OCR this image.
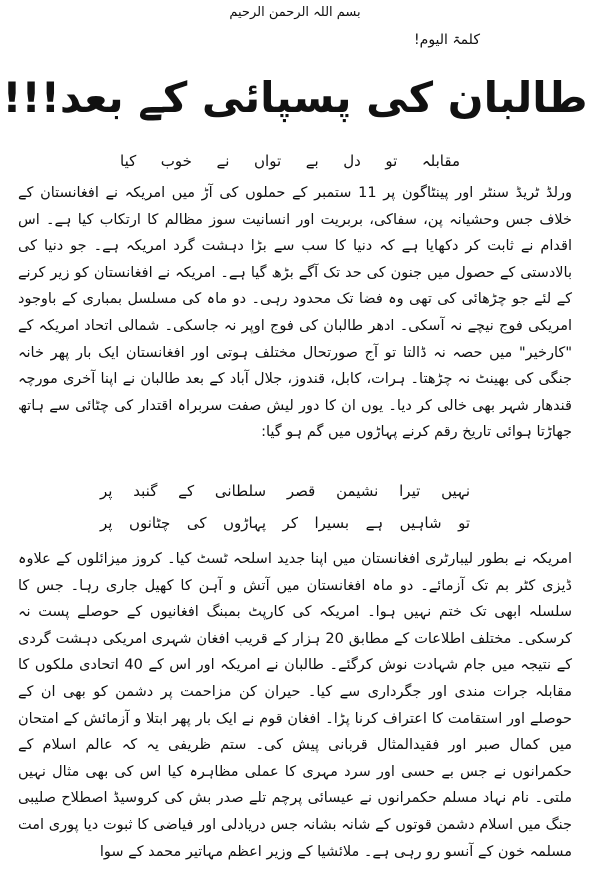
بسم اللہ الرحمن الرحیم
کلمۃ الیوم!
طالبان کی پسپائی کے بعد!!!
مقابلہ تو دل بے تواں نے خوب کیا

ورلڈ ٹریڈ سنٹر اور پینٹاگون پر 11 ستمبر کے حملوں کی آڑ میں امریکہ نے افغانستان کے خلاف جس وحشیانہ پن، سفاکی، بربریت اور انسانیت سوز مظالم کا ارتکاب کیا ہے۔ اس اقدام نے ثابت کر دکھایا ہے کہ دنیا کا سب سے بڑا دہشت گرد امریکہ ہے۔ جو دنیا کی بالادستی کے حصول میں جنون کی حد تک آگے بڑھ گیا ہے۔ امریکہ نے افغانستان کو زیر کرنے کے لئے جو چڑھائی کی تھی وہ فضا تک محدود رہی۔ دو ماہ کی مسلسل بمباری کے باوجود امریکی فوج نیچے نہ آسکی۔ ادھر طالبان کی فوج اوپر نہ جاسکی۔ شمالی اتحاد امریکہ کے "کارخیر" میں حصہ نہ ڈالتا تو آج صورتحال مختلف ہوتی اور افغانستان ایک بار پھر خانہ جنگی کی بھینٹ نہ چڑھتا۔ ہرات، کابل، قندوز، جلال آباد کے بعد طالبان نے اپنا آخری مورچہ قندھار شہر بھی خالی کر دیا۔ یوں ان کا دور لیش صفت سربراہ اقتدار کی چٹائی سے ہاتھ جھاڑتا ہوائی تاریخ رقم کرنے پہاڑوں میں گم ہو گیا:

نہیں تیرا نشیمن قصر سلطانی کے گنبد پر

تو شاہیں ہے بسیرا کر پہاڑوں کی چٹانوں پر

امریکہ نے بطور لیبارٹری افغانستان میں اپنا جدید اسلحہ ٹسٹ کیا۔ کروز میزائلوں کے علاوہ ڈیزی کٹر بم تک آزمائے۔ دو ماہ افغانستان میں آتش و آہن کا کھیل جاری رہا۔ جس کا سلسلہ ابھی تک ختم نہیں ہوا۔ امریکہ کی کارپٹ بمبنگ افغانیوں کے حوصلے پست نہ کرسکی۔ مختلف اطلاعات کے مطابق 20 ہزار کے قریب افغان شہری امریکی دہشت گردی کے نتیجہ میں جام شہادت نوش کرگئے۔ طالبان نے امریکہ اور اس کے 40 اتحادی ملکوں کا مقابلہ جرات مندی اور جگرداری سے کیا۔ حیران کن مزاحمت پر دشمن کو بھی ان کے حوصلے اور استقامت کا اعتراف کرنا پڑا۔ افغان قوم نے ایک بار پھر ابتلا و آزمائش کے امتحان میں کمال صبر اور فقیدالمثال قربانی پیش کی۔ ستم ظریفی یہ کہ عالم اسلام کے حکمرانوں نے جس بے حسی اور سرد مہری کا عملی مظاہرہ کیا اس کی بھی مثال نہیں ملتی۔ نام نہاد مسلم حکمرانوں نے عیسائی پرچم تلے صدر بش کی کروسیڈ اصطلاح صلیبی جنگ میں اسلام دشمن قوتوں کے شانہ بشانہ جس دریادلی اور فیاضی کا ثبوت دیا پوری امت مسلمہ خون کے آنسو رو رہی ہے۔ ملائشیا کے وزیر اعظم مہاتیر محمد کے سوا
